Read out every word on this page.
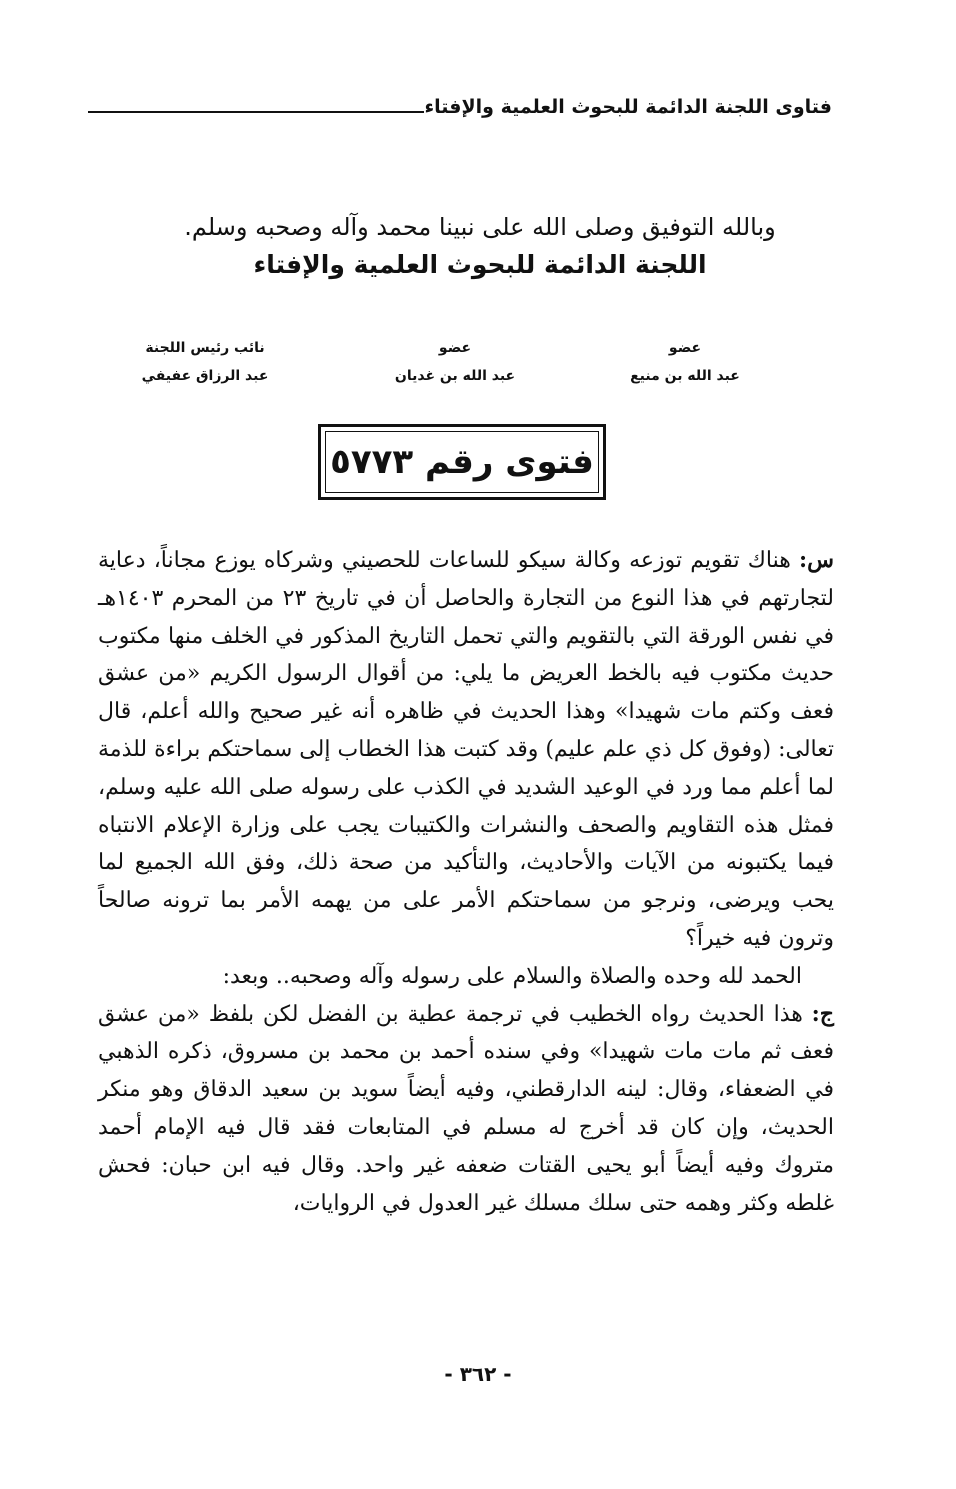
فتاوى اللجنة الدائمة للبحوث العلمية والإفتاء
وبالله التوفيق وصلى الله على نبينا محمد وآله وصحبه وسلم.
اللجنة الدائمة للبحوث العلمية والإفتاء
عضو
عبد الله بن منيع
عضو
عبد الله بن غديان
نائب رئيس اللجنة
عبد الرزاق عفيفي
فتوى رقم ٥٧٧٣

س: هناك تقويم توزعه وكالة سيكو للساعات للحصيني وشركاه يوزع مجاناً، دعاية لتجارتهم في هذا النوع من التجارة والحاصل أن في تاريخ ٢٣ من المحرم ١٤٠٣هـ في نفس الورقة التي بالتقويم والتي تحمل التاريخ المذكور في الخلف منها مكتوب حديث مكتوب فيه بالخط العريض ما يلي: من أقوال الرسول الكريم «من عشق فعف وكتم مات شهيدا» وهذا الحديث في ظاهره أنه غير صحيح والله أعلم، قال تعالى: (وفوق كل ذي علم عليم) وقد كتبت هذا الخطاب إلى سماحتكم براءة للذمة لما أعلم مما ورد في الوعيد الشديد في الكذب على رسوله صلى الله عليه وسلم، فمثل هذه التقاويم والصحف والنشرات والكتيبات يجب على وزارة الإعلام الانتباه فيما يكتبونه من الآيات والأحاديث، والتأكيد من صحة ذلك، وفق الله الجميع لما يحب ويرضى، ونرجو من سماحتكم الأمر على من يهمه الأمر بما ترونه صالحاً وترون فيه خيراً؟

الحمد لله وحده والصلاة والسلام على رسوله وآله وصحبه.. وبعد:

ج: هذا الحديث رواه الخطيب في ترجمة عطية بن الفضل لكن بلفظ «من عشق فعف ثم مات مات شهيدا» وفي سنده أحمد بن محمد بن مسروق، ذكره الذهبي في الضعفاء، وقال: لينه الدارقطني، وفيه أيضاً سويد بن سعيد الدقاق وهو منكر الحديث، وإن كان قد أخرج له مسلم في المتابعات فقد قال فيه الإمام أحمد متروك وفيه أيضاً أبو يحيى القتات ضعفه غير واحد. وقال فيه ابن حبان: فحش غلطه وكثر وهمه حتى سلك مسلك غير العدول في الروايات،

- ٣٦٢ -
